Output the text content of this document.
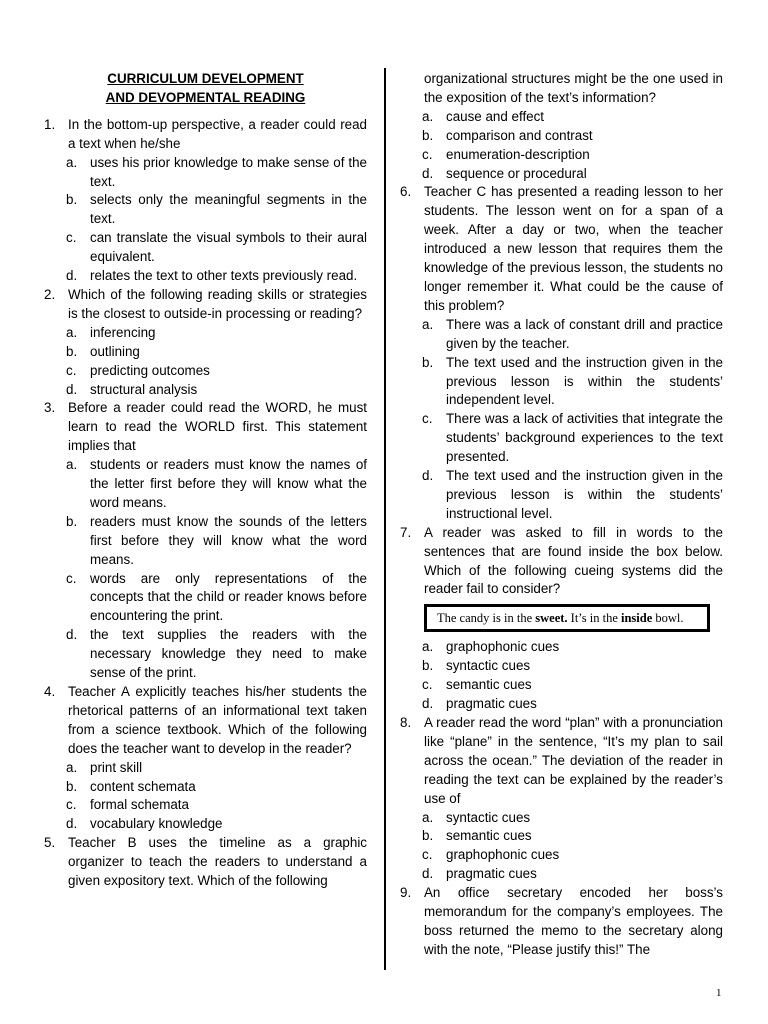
CURRICULUM DEVELOPMENT

AND DEVOPMENTAL READING

1. In the bottom-up perspective, a reader could read a text when he/she
a. uses his prior knowledge to make sense of the text.
b. selects only the meaningful segments in the text.
c. can translate the visual symbols to their aural equivalent.
d. relates the text to other texts previously read.
2. Which of the following reading skills or strategies is the closest to outside-in processing or reading?
a. inferencing
b. outlining
c. predicting outcomes
d. structural analysis
3. Before a reader could read the WORD, he must learn to read the WORLD first. This statement implies that
a. students or readers must know the names of the letter first before they will know what the word means.
b. readers must know the sounds of the letters first before they will know what the word means.
c. words are only representations of the concepts that the child or reader knows before encountering the print.
d. the text supplies the readers with the necessary knowledge they need to make sense of the print.
4. Teacher A explicitly teaches his/her students the rhetorical patterns of an informational text taken from a science textbook. Which of the following does the teacher want to develop in the reader?
a. print skill
b. content schemata
c. formal schemata
d. vocabulary knowledge
5. Teacher B uses the timeline as a graphic organizer to teach the readers to understand a given expository text. Which of the following
organizational structures might be the one used in the exposition of the text’s information?
a. cause and effect
b. comparison and contrast
c. enumeration-description
d. sequence or procedural
6. Teacher C has presented a reading lesson to her students. The lesson went on for a span of a week. After a day or two, when the teacher introduced a new lesson that requires them the knowledge of the previous lesson, the students no longer remember it. What could be the cause of this problem?
a. There was a lack of constant drill and practice given by the teacher.
b. The text used and the instruction given in the previous lesson is within the students’ independent level.
c. There was a lack of activities that integrate the students’ background experiences to the text presented.
d. The text used and the instruction given in the previous lesson is within the students’ instructional level.
7. A reader was asked to fill in words to the sentences that are found inside the box below. Which of the following cueing systems did the reader fail to consider?
The candy is in the sweet. It’s in the inside bowl.
a. graphophonic cues
b. syntactic cues
c. semantic cues
d. pragmatic cues
8. A reader read the word “plan” with a pronunciation like “plane” in the sentence, “It’s my plan to sail across the ocean.” The deviation of the reader in reading the text can be explained by the reader’s use of
a. syntactic cues
b. semantic cues
c. graphophonic cues
d. pragmatic cues
9. An office secretary encoded her boss’s memorandum for the company’s employees. The boss returned the memo to the secretary along with the note, “Please justify this!” The
1
